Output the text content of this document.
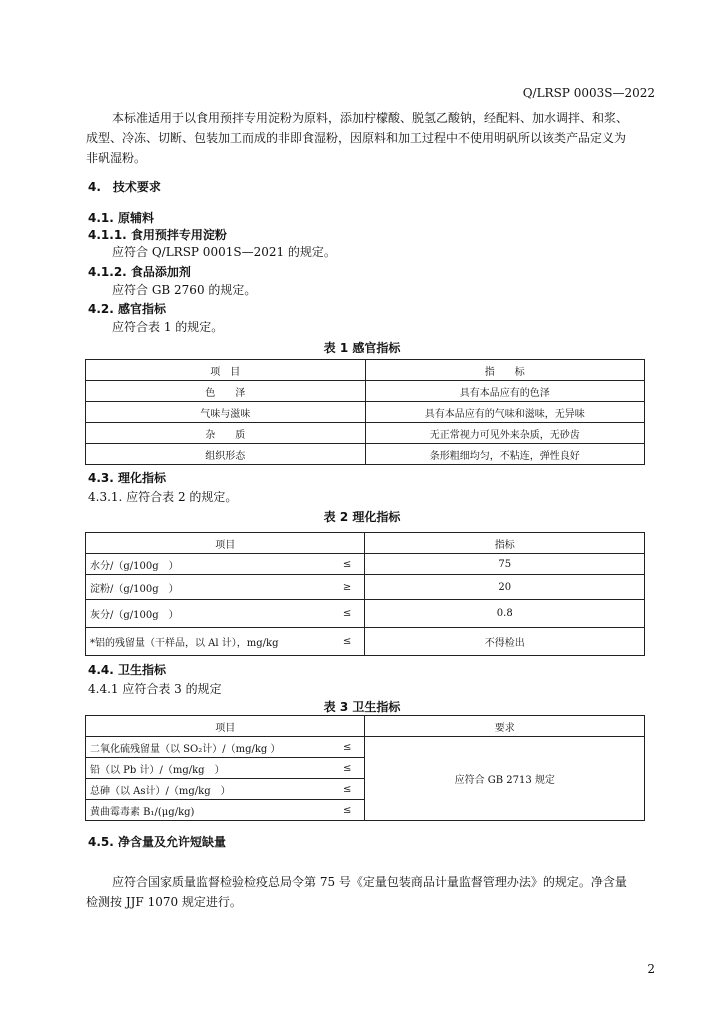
Q/LRSP 0003S—2022
本标准适用于以食用预拌专用淀粉为原料，添加柠檬酸、脱氢乙酸钠，经配料、加水调拌、和浆、
成型、冷冻、切断、包装加工而成的非即食湿粉，因原料和加工过程中不使用明矾所以该类产品定义为
非矾湿粉。
4.　技术要求
4.1. 原辅料
4.1.1. 食用预拌专用淀粉
应符合 Q/LRSP 0001S—2021 的规定。
4.1.2. 食品添加剂
应符合 GB 2760 的规定。
4.2. 感官指标
应符合表 1 的规定。
表 1 感官指标
项　目	指　　标
色　　泽	具有本品应有的色泽
气味与滋味	具有本品应有的气味和滋味，无异味
杂　　质	无正常视力可见外来杂质，无砂齿
组织形态	条形粗细均匀，不粘连，弹性良好
4.3. 理化指标
4.3.1. 应符合表 2 的规定。
表 2 理化指标
项目		指标
水分/（g/100g　）	≤	75
淀粉/（g/100g　）	≥	20
灰分/（g/100g　）	≤	0.8
*铝的残留量（干样品，以 Al 计），mg/kg	≤	不得检出
4.4. 卫生指标
4.4.1 应符合表 3 的规定
表 3 卫生指标
项目		要求
二氧化硫残留量（以 SO₂计）/（mg/kg ）	≤	应符合 GB 2713 规定
铅（以 Pb 计）/（mg/kg　）	≤	
总砷（以 As计）/（mg/kg　）	≤	
黄曲霉毒素 B₁/(μg/kg)	≤	
4.5. 净含量及允许短缺量
应符合国家质量监督检验检疫总局令第 75 号《定量包装商品计量监督管理办法》的规定。净含量
检测按 JJF 1070 规定进行。
2
